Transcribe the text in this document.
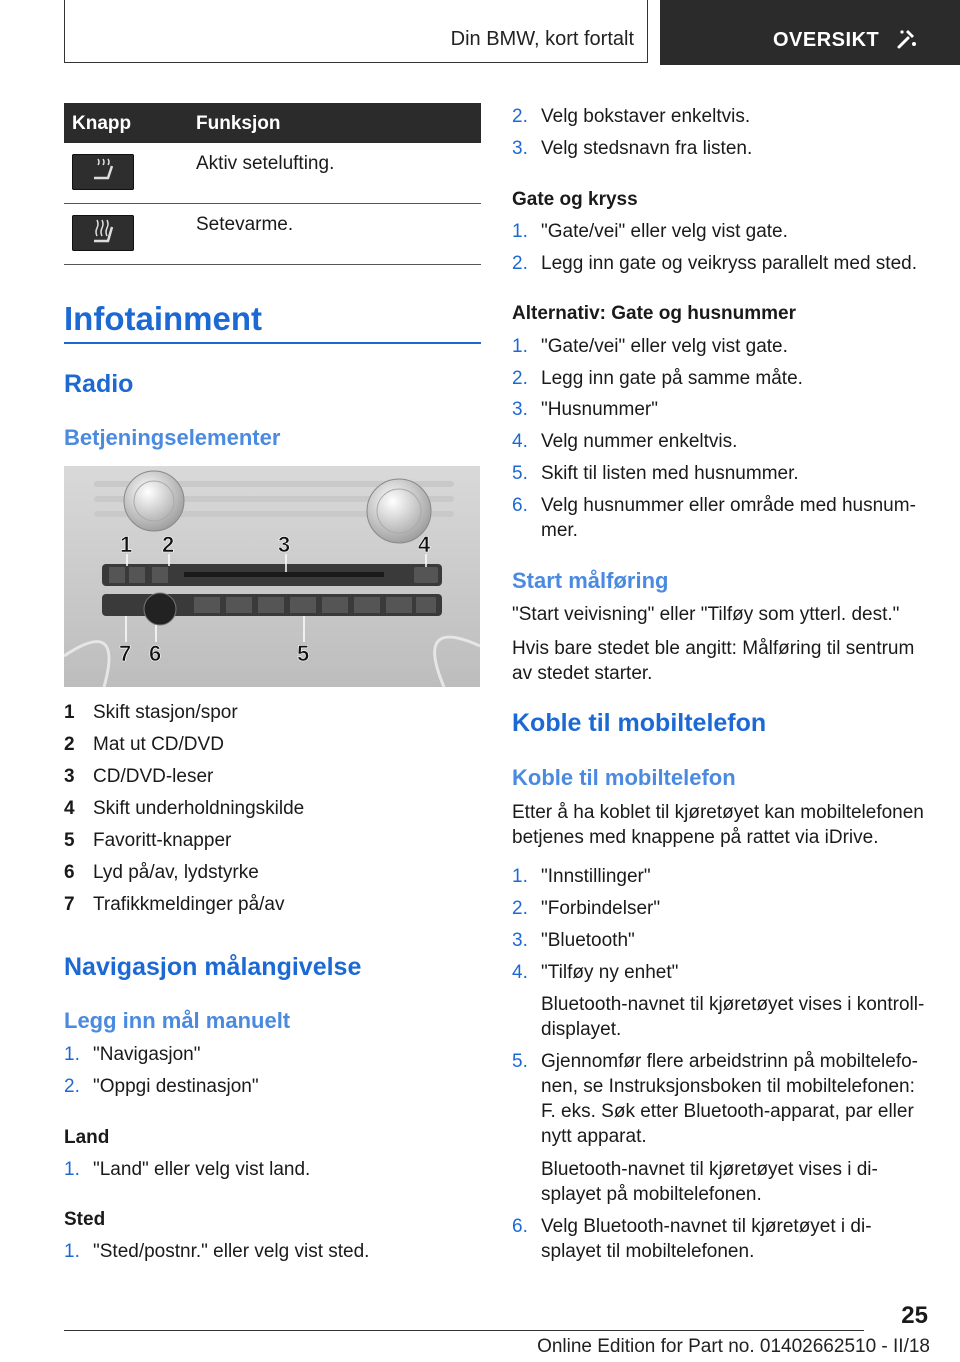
Din BMW, kort fortalt	OVERSIKT
Knapp	Funksjon
Aktiv setelufting.
Setevarme.
Infotainment
Radio
Betjeningselementer
1 2	3	4
7 6	5
1 Skift stasjon/spor
2 Mat ut CD/DVD
3 CD/DVD-leser
4 Skift underholdningskilde
5 Favoritt-knapper
6 Lyd på/av, lydstyrke
7 Trafikkmeldinger på/av
Navigasjon målangivelse
Legg inn mål manuelt
1. "Navigasjon"
2. "Oppgi destinasjon"
Land
1. "Land" eller velg vist land.
Sted
1. "Sted/postnr." eller velg vist sted.
2. Velg bokstaver enkeltvis.
3. Velg stedsnavn fra listen.
Gate og kryss
1. "Gate/vei" eller velg vist gate.
2. Legg inn gate og veikryss parallelt med sted.
Alternativ: Gate og husnummer
1. "Gate/vei" eller velg vist gate.
2. Legg inn gate på samme måte.
3. "Husnummer"
4. Velg nummer enkeltvis.
5. Skift til listen med husnummer.
6. Velg husnummer eller område med husnum-
mer.
Start målføring
"Start veivisning" eller "Tilføy som ytterl. dest."
Hvis bare stedet ble angitt: Målføring til sentrum
av stedet starter.
Koble til mobiltelefon
Koble til mobiltelefon
Etter å ha koblet til kjøretøyet kan mobiltelefonen
betjenes med knappene på rattet via iDrive.
1. "Innstillinger"
2. "Forbindelser"
3. "Bluetooth"
4. "Tilføy ny enhet"
Bluetooth-navnet til kjøretøyet vises i kontroll-
displayet.
5. Gjennomfør flere arbeidstrinn på mobiltelefo-
nen, se Instruksjonsboken til mobiltelefonen:
F. eks. Søk etter Bluetooth-apparat, par eller
nytt apparat.
Bluetooth-navnet til kjøretøyet vises i di-
splayet på mobiltelefonen.
6. Velg Bluetooth-navnet til kjøretøyet i di-
splayet til mobiltelefonen.
25
Online Edition for Part no. 01402662510 - II/18
